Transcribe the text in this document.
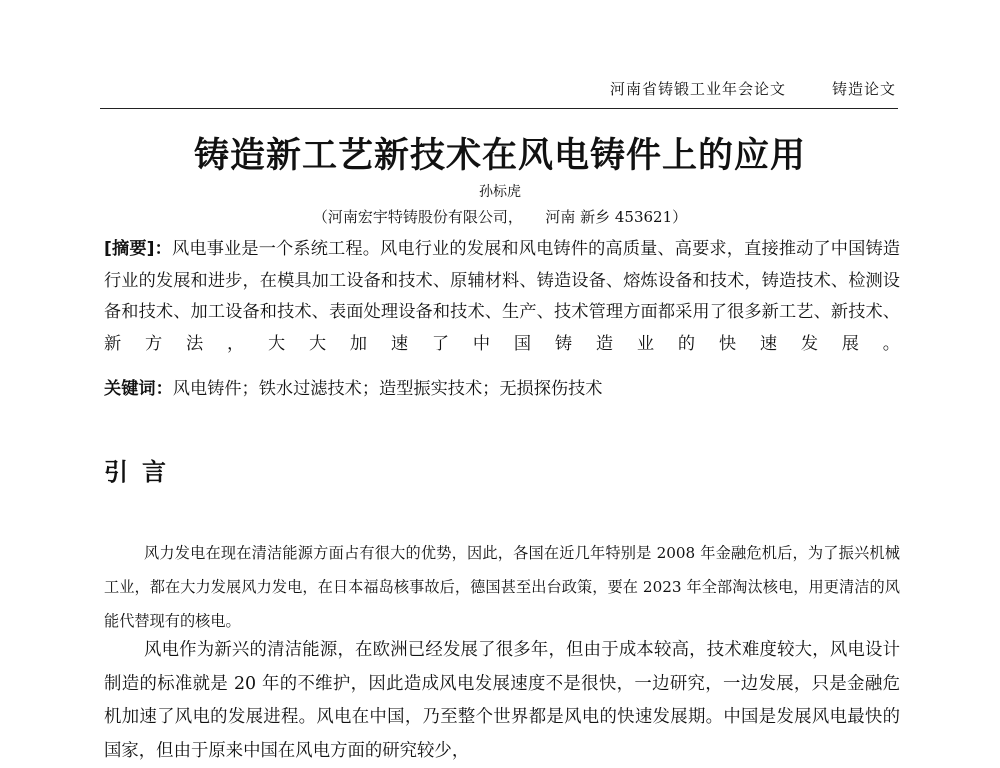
河南省铸锻工业年会论文	铸造论文
铸造新工艺新技术在风电铸件上的应用
孙标虎
（河南宏宇特铸股份有限公司，　　河南 新乡 453621）
[摘要]：风电事业是一个系统工程。风电行业的发展和风电铸件的高质量、高要求，直接推动了中国铸造行业的发展和进步，在模具加工设备和技术、原辅材料、铸造设备、熔炼设备和技术，铸造技术、检测设备和技术、加工设备和技术、表面处理设备和技术、生产、技术管理方面都采用了很多新工艺、新技术、新方法，大大加速了中国铸造业的快速发展。
关键词：风电铸件；铁水过滤技术；造型振实技术；无损探伤技术
引言
风力发电在现在清洁能源方面占有很大的优势，因此，各国在近几年特别是 2008 年金融危机后，为了振兴机械工业，都在大力发展风力发电，在日本福岛核事故后，德国甚至出台政策，要在 2023 年全部淘汰核电，用更清洁的风能代替现有的核电。
风电作为新兴的清洁能源，在欧洲已经发展了很多年，但由于成本较高，技术难度较大，风电设计制造的标准就是 20 年的不维护，因此造成风电发展速度不是很快，一边研究，一边发展，只是金融危机加速了风电的发展进程。风电在中国，乃至整个世界都是风电的快速发展期。中国是发展风电最快的国家，但由于原来中国在风电方面的研究较少，
